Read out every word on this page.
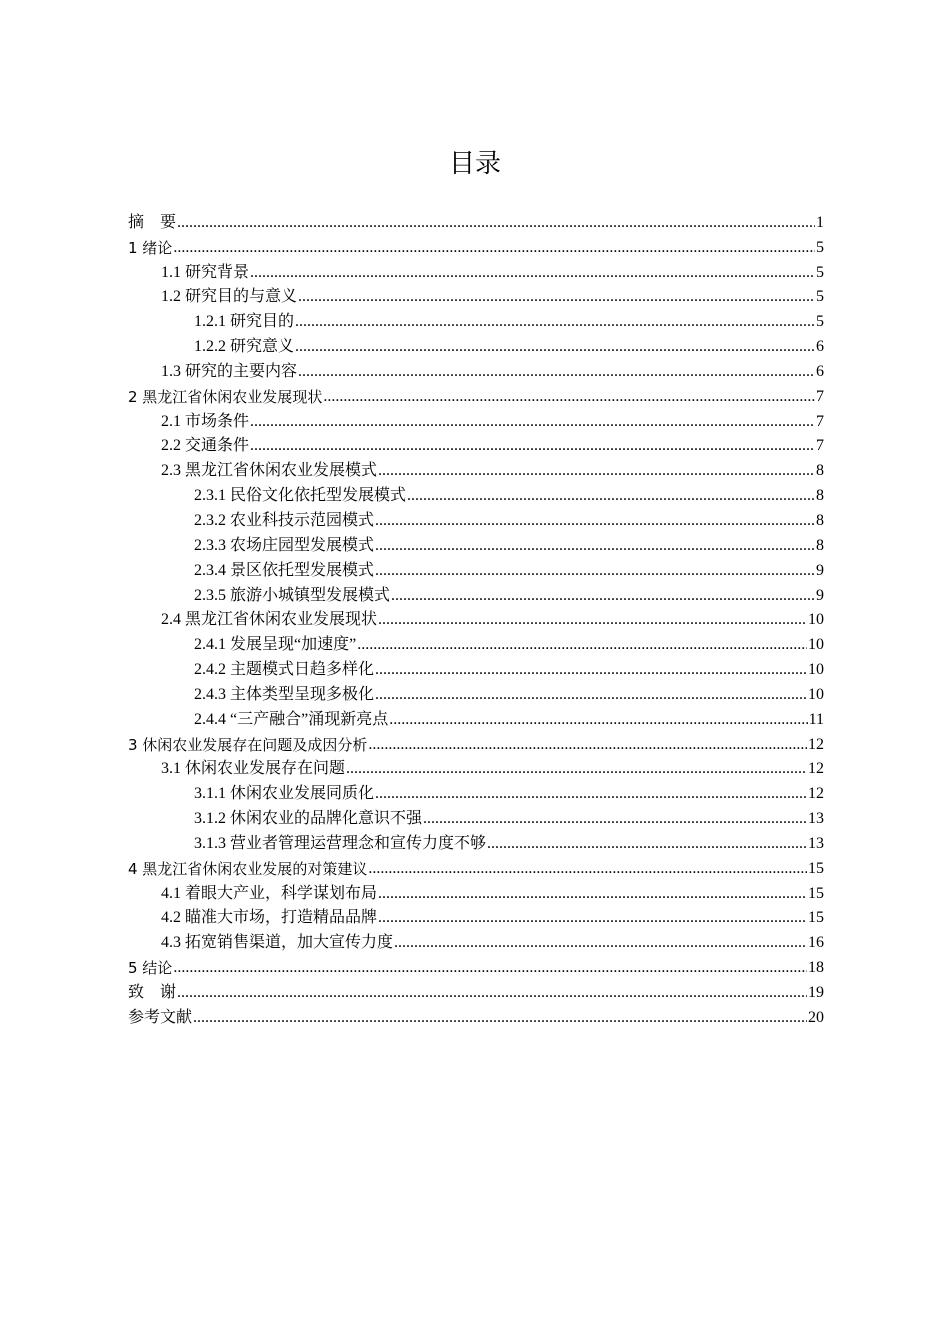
目录
摘　要 .....	1
1 绪论 .....	5
1.1 研究背景 .....	5
1.2 研究目的与意义 .....	5
1.2.1 研究目的 .....	5
1.2.2 研究意义 .....	6
1.3 研究的主要内容 .....	6
2 黑龙江省休闲农业发展现状 .....	7
2.1 市场条件 .....	7
2.2 交通条件 .....	7
2.3 黑龙江省休闲农业发展模式 .....	8
2.3.1 民俗文化依托型发展模式 .....	8
2.3.2 农业科技示范园模式 .....	8
2.3.3 农场庄园型发展模式 .....	8
2.3.4 景区依托型发展模式 .....	9
2.3.5 旅游小城镇型发展模式 .....	9
2.4 黑龙江省休闲农业发展现状 .....	10
2.4.1 发展呈现“加速度” .....	10
2.4.2 主题模式日趋多样化 .....	10
2.4.3 主体类型呈现多极化 .....	10
2.4.4 “三产融合”涌现新亮点 .....	11
3 休闲农业发展存在问题及成因分析 .....	12
3.1 休闲农业发展存在问题 .....	12
3.1.1 休闲农业发展同质化 .....	12
3.1.2 休闲农业的品牌化意识不强 .....	13
3.1.3 营业者管理运营理念和宣传力度不够 .....	13
4 黑龙江省休闲农业发展的对策建议 .....	15
4.1 着眼大产业，科学谋划布局 .....	15
4.2 瞄准大市场，打造精品品牌 .....	15
4.3 拓宽销售渠道，加大宣传力度 .....	16
5 结论 .....	18
致　谢 .....	19
参考文献 .....	20
